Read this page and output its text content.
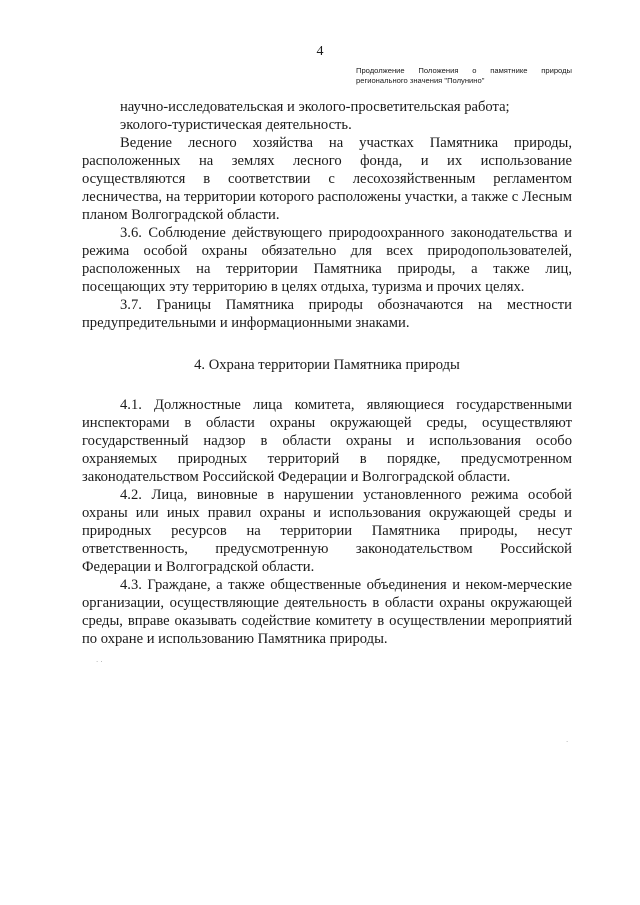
4
Продолжение Положения о памятнике природы регионального значения "Полунино"

научно-исследовательская и эколого-просветительская работа;

эколого-туристическая деятельность.

Ведение лесного хозяйства на участках Памятника природы, расположенных на землях лесного фонда, и их использование осуществляются в соответствии с лесохозяйственным регламентом лесничества, на территории которого расположены участки, а также с Лесным планом Волгоградской области.

3.6. Соблюдение действующего природоохранного законодательства и режима особой охраны обязательно для всех природопользователей, расположенных на территории Памятника природы, а также лиц, посещающих эту территорию в целях отдыха, туризма и прочих целях.

3.7. Границы Памятника природы обозначаются на местности предупредительными и информационными знаками.

4. Охрана территории Памятника природы

4.1. Должностные лица комитета, являющиеся государственными инспекторами в области охраны окружающей среды, осуществляют государственный надзор в области охраны и использования особо охраняемых природных территорий в порядке, предусмотренном законодательством Российской Федерации и Волгоградской области.

4.2. Лица, виновные в нарушении установленного режима особой охраны или иных правил охраны и использования окружающей среды и природных ресурсов на территории Памятника природы, несут ответственность, предусмотренную законодательством Российской Федерации и Волгоградской области.

4.3. Граждане, а также общественные объединения и неком-мерческие организации, осуществляющие деятельность в области охраны окружающей среды, вправе оказывать содействие комитету в осуществлении мероприятий по охране и использованию Памятника природы.

· ·
·
